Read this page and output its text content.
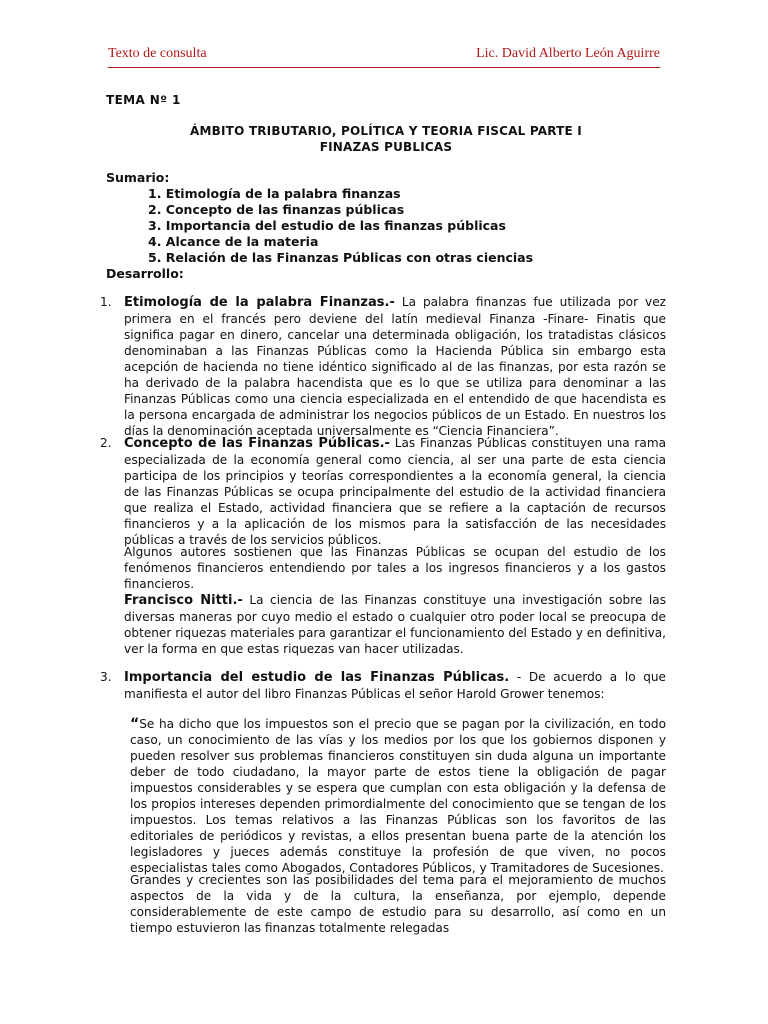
Texto de consulta	Lic. David Alberto León Aguirre
TEMA Nº 1
ÁMBITO TRIBUTARIO, POLÍTICA Y TEORIA FISCAL PARTE I
FINAZAS PUBLICAS
Sumario:
1. Etimología de la palabra finanzas
2. Concepto de las finanzas públicas
3. Importancia del estudio de las finanzas públicas
4. Alcance de la materia
5. Relación de las Finanzas Públicas con otras ciencias
Desarrollo:
1. Etimología de la palabra Finanzas.- La palabra finanzas fue utilizada por vez primera en el francés pero deviene del latín medieval Finanza -Finare- Finatis que significa pagar en dinero, cancelar una determinada obligación, los tratadistas clásicos denominaban a las Finanzas Públicas como la Hacienda Pública sin embargo esta acepción de hacienda no tiene idéntico significado al de las finanzas, por esta razón se ha derivado de la palabra hacendista que es lo que se utiliza para denominar a las Finanzas Públicas como una ciencia especializada en el entendido de que hacendista es la persona encargada de administrar los negocios públicos de un Estado. En nuestros los días la denominación aceptada universalmente es “Ciencia Financiera”.
2. Concepto de las Finanzas Públicas.- Las Finanzas Públicas constituyen una rama especializada de la economía general como ciencia, al ser una parte de esta ciencia participa de los principios y teorías correspondientes a la economía general, la ciencia de las Finanzas Públicas se ocupa principalmente del estudio de la actividad financiera que realiza el Estado, actividad financiera que se refiere a la captación de recursos financieros y a la aplicación de los mismos para la satisfacción de las necesidades públicas a través de los servicios públicos.
Algunos autores sostienen que las Finanzas Públicas se ocupan del estudio de los fenómenos financieros entendiendo por tales a los ingresos financieros y a los gastos financieros.
Francisco Nitti.- La ciencia de las Finanzas constituye una investigación sobre las diversas maneras por cuyo medio el estado o cualquier otro poder local se preocupa de obtener riquezas materiales para garantizar el funcionamiento del Estado y en definitiva, ver la forma en que estas riquezas van hacer utilizadas.
3. Importancia del estudio de las Finanzas Públicas. - De acuerdo a lo que manifiesta el autor del libro Finanzas Públicas el señor Harold Grower tenemos:
“Se ha dicho que los impuestos son el precio que se pagan por la civilización, en todo caso, un conocimiento de las vías y los medios por los que los gobiernos disponen y pueden resolver sus problemas financieros constituyen sin duda alguna un importante deber de todo ciudadano, la mayor parte de estos tiene la obligación de pagar impuestos considerables y se espera que cumplan con esta obligación y la defensa de los propios intereses dependen primordialmente del conocimiento que se tengan de los impuestos. Los temas relativos a las Finanzas Públicas son los favoritos de las editoriales de periódicos y revistas, a ellos presentan buena parte de la atención los legisladores y jueces además constituye la profesión de que viven, no pocos especialistas tales como Abogados, Contadores Públicos, y Tramitadores de Sucesiones.
Grandes y crecientes son las posibilidades del tema para el mejoramiento de muchos aspectos de la vida y de la cultura, la enseñanza, por ejemplo, depende considerablemente de este campo de estudio para su desarrollo, así como en un tiempo estuvieron las finanzas totalmente relegadas
